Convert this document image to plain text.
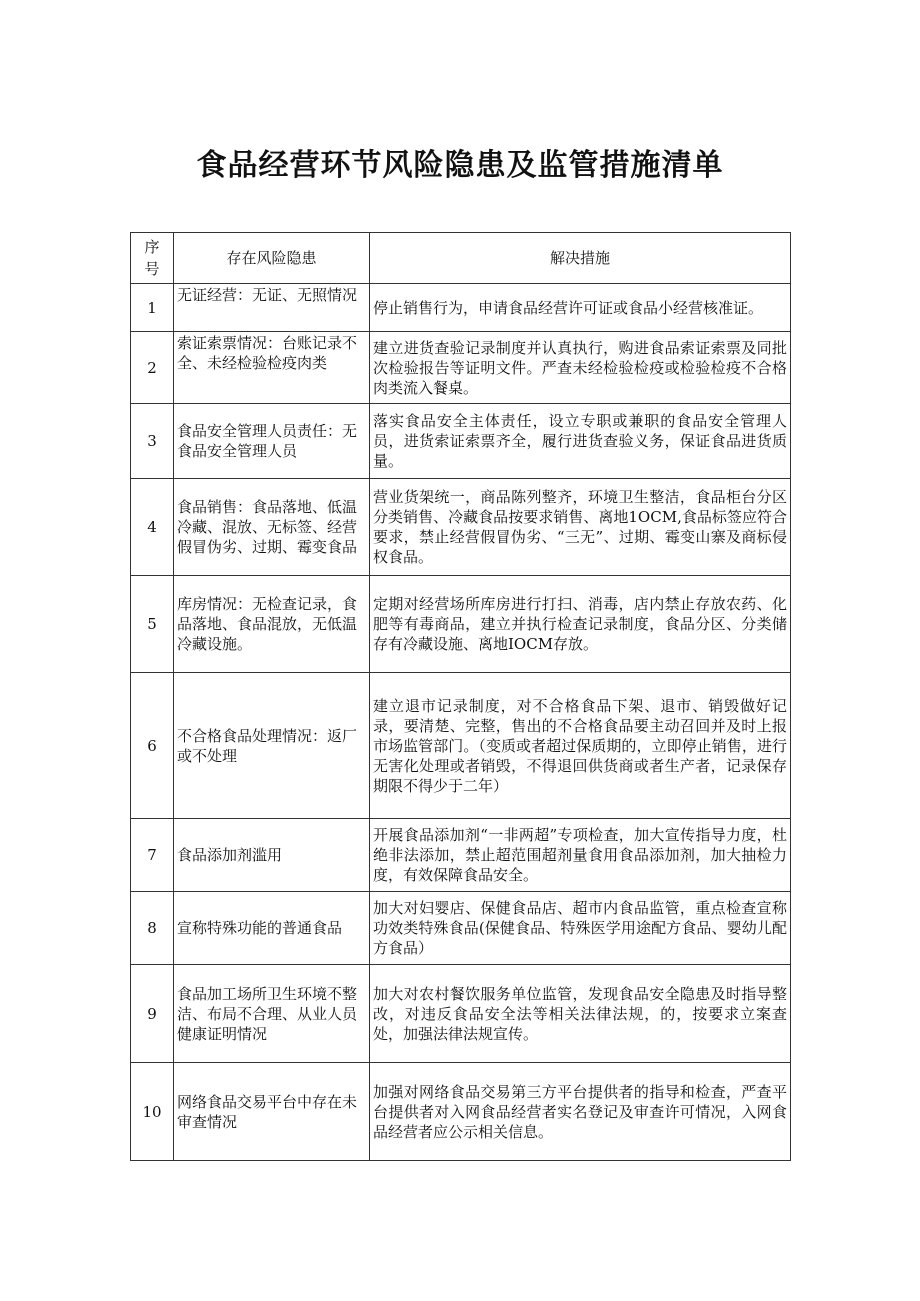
食品经营环节风险隐患及监管措施清单
序
号	存在风险隐患	解决措施
1	无证经营：无证、无照情况	停止销售行为，申请食品经营许可证或食品小经营核准证。
2	索证索票情况：台账记录不全、未经检验检疫肉类	建立进货查验记录制度并认真执行，购进食品索证索票及同批次检验报告等证明文件。严查未经检验检疫或检验检疫不合格肉类流入餐桌。
3	食品安全管理人员责任：无食品安全管理人员	落实食品安全主体责任，设立专职或兼职的食品安全管理人员，进货索证索票齐全，履行进货查验义务，保证食品进货质量。
4	食品销售：食品落地、低温冷藏、混放、无标签、经营假冒伪劣、过期、霉变食品	营业货架统一，商品陈列整齐，环境卫生整洁，食品柜台分区分类销售、冷藏食品按要求销售、离地1OCM,食品标签应符合要求，禁止经营假冒伪劣、“三无”、过期、霉变山寨及商标侵权食品。
5	库房情况：无检查记录，食品落地、食品混放，无低温冷藏设施。	定期对经营场所库房进行打扫、消毒，店内禁止存放农药、化肥等有毒商品，建立并执行检查记录制度，食品分区、分类储存有冷藏设施、离地IOCM存放。
6	不合格食品处理情况：返厂或不处理	建立退市记录制度，对不合格食品下架、退市、销毁做好记录，要清楚、完整，售出的不合格食品要主动召回并及时上报市场监管部门。（变质或者超过保质期的，立即停止销售，进行无害化处理或者销毁，不得退回供货商或者生产者，记录保存期限不得少于二年）
7	食品添加剂滥用	开展食品添加剂“一非两超”专项检查，加大宣传指导力度，杜绝非法添加，禁止超范围超剂量食用食品添加剂，加大抽检力度，有效保障食品安全。
8	宣称特殊功能的普通食品	加大对妇婴店、保健食品店、超市内食品监管，重点检查宣称功效类特殊食品(保健食品、特殊医学用途配方食品、婴幼儿配方食品）
9	食品加工场所卫生环境不整洁、布局不合理、从业人员健康证明情况	加大对农村餐饮服务单位监管，发现食品安全隐患及时指导整改，对违反食品安全法等相关法律法规，的，按要求立案查处，加强法律法规宣传。
10	网络食品交易平台中存在未审查情况	加强对网络食品交易第三方平台提供者的指导和检查，严查平台提供者对入网食品经营者实名登记及审查许可情况，入网食品经营者应公示相关信息。
